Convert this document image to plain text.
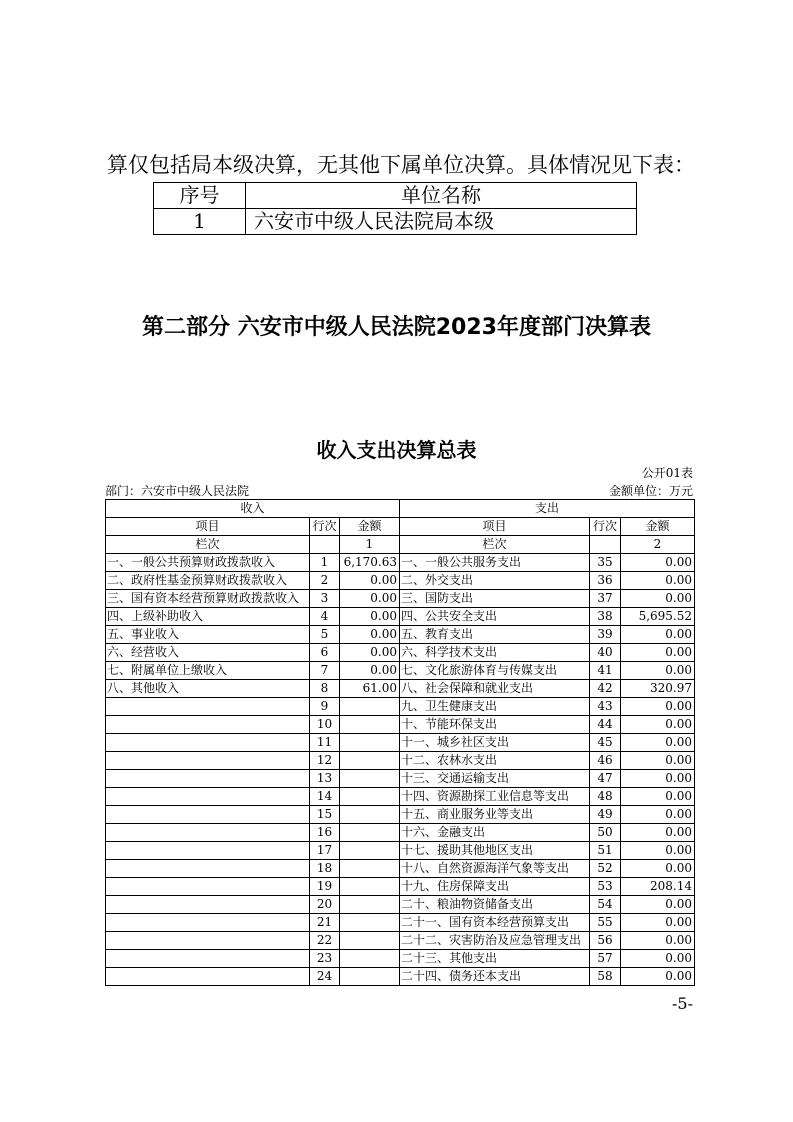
算仅包括局本级决算，无其他下属单位决算。具体情况见下表：
序号	单位名称
1	六安市中级人民法院局本级
第二部分 六安市中级人民法院2023年度部门决算表
收入支出决算总表
公开01表
部门：六安市中级人民法院	金额单位：万元
收入			支出		
项目	行次	金额	项目	行次	金额
栏次		1	栏次		2
一、一般公共预算财政拨款收入	1	6,170.63	一、一般公共服务支出	35	0.00
二、政府性基金预算财政拨款收入	2	0.00	二、外交支出	36	0.00
三、国有资本经营预算财政拨款收入	3	0.00	三、国防支出	37	0.00
四、上级补助收入	4	0.00	四、公共安全支出	38	5,695.52
五、事业收入	5	0.00	五、教育支出	39	0.00
六、经营收入	6	0.00	六、科学技术支出	40	0.00
七、附属单位上缴收入	7	0.00	七、文化旅游体育与传媒支出	41	0.00
八、其他收入	8	61.00	八、社会保障和就业支出	42	320.97
	9		九、卫生健康支出	43	0.00
	10		十、节能环保支出	44	0.00
	11		十一、城乡社区支出	45	0.00
	12		十二、农林水支出	46	0.00
	13		十三、交通运输支出	47	0.00
	14		十四、资源勘探工业信息等支出	48	0.00
	15		十五、商业服务业等支出	49	0.00
	16		十六、金融支出	50	0.00
	17		十七、援助其他地区支出	51	0.00
	18		十八、自然资源海洋气象等支出	52	0.00
	19		十九、住房保障支出	53	208.14
	20		二十、粮油物资储备支出	54	0.00
	21		二十一、国有资本经营预算支出	55	0.00
	22		二十二、灾害防治及应急管理支出	56	0.00
	23		二十三、其他支出	57	0.00
	24		二十四、债务还本支出	58	0.00
-5-
